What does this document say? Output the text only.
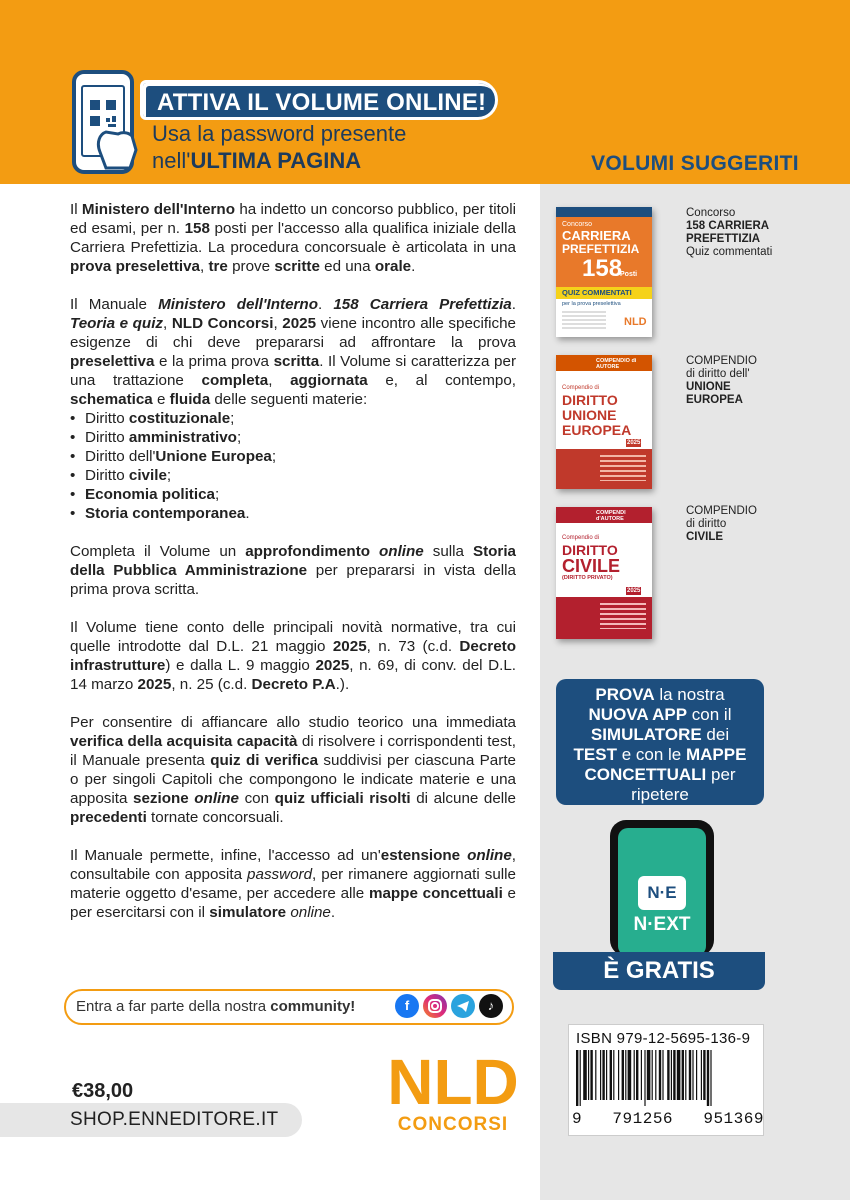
ATTIVA IL VOLUME ONLINE!
Usa la password presente
nell'ULTIMA PAGINA	VOLUMI SUGGERITI
Concorso
CARRIERA
PREFETTIZIA
158
Posti
QUIZ COMMENTATI
per la prova preselettiva
NLD
Concorso
158 CARRIERA
PREFETTIZIA
Quiz commentati
COMPENDIO di AUTORE
Compendio di
DIRITTO
UNIONE
EUROPEA
2025
COMPENDIO
di diritto dell'
UNIONE
EUROPEA
COMPENDI d'AUTORE
Compendio di
DIRITTO
CIVILE
(DIRITTO PRIVATO)
2025
COMPENDIO
di diritto
CIVILE
PROVA la nostra
NUOVA APP con il
SIMULATORE dei
TEST e con le MAPPE
CONCETTUALI per
ripetere
N·E
N·EXT
È GRATIS
ISBN 979-12-5695-136-9
9 791256 951369

Il Ministero dell'Interno ha indetto un concorso pubblico, per titoli ed esami, per n. 158 posti per l'accesso alla qualifica iniziale della Carriera Prefettizia. La procedura concorsuale è articolata in una prova preselettiva, tre prove scritte ed una orale.

Il Manuale Ministero dell'Interno. 158 Carriera Prefettizia. Teoria e quiz, NLD Concorsi, 2025 viene incontro alle specifiche esigenze di chi deve prepararsi ad affrontare la prova preselettiva e la prima prova scritta. Il Volume si caratterizza per una trattazione completa, aggiornata e, al contempo, schematica e fluida delle seguenti materie:

• Diritto costituzionale;
• Diritto amministrativo;
• Diritto dell'Unione Europea;
• Diritto civile;
• Economia politica;
• Storia contemporanea.

Completa il Volume un approfondimento online sulla Storia della Pubblica Amministrazione per prepararsi in vista della prima prova scritta.

Il Volume tiene conto delle principali novità normative, tra cui quelle introdotte dal D.L. 21 maggio 2025, n. 73 (c.d. Decreto infrastrutture) e dalla L. 9 maggio 2025, n. 69, di conv. del D.L. 14 marzo 2025, n. 25 (c.d. Decreto P.A.).

Per consentire di affiancare allo studio teorico una immediata verifica della acquisita capacità di risolvere i corrispondenti test, il Manuale presenta quiz di verifica suddivisi per ciascuna Parte o per singoli Capitoli che compongono le indicate materie e una apposita sezione online con quiz ufficiali risolti di alcune delle precedenti tornate concorsuali.

Il Manuale permette, infine, l'accesso ad un'estensione online, consultabile con apposita password, per rimanere aggiornati sulle materie oggetto d'esame, per accedere alle mappe concettuali e per esercitarsi con il simulatore online.

Entra a far parte della nostra community!	f	♪
€38,00
SHOP.ENNEDITORE.IT
NLD
CONCORSI
